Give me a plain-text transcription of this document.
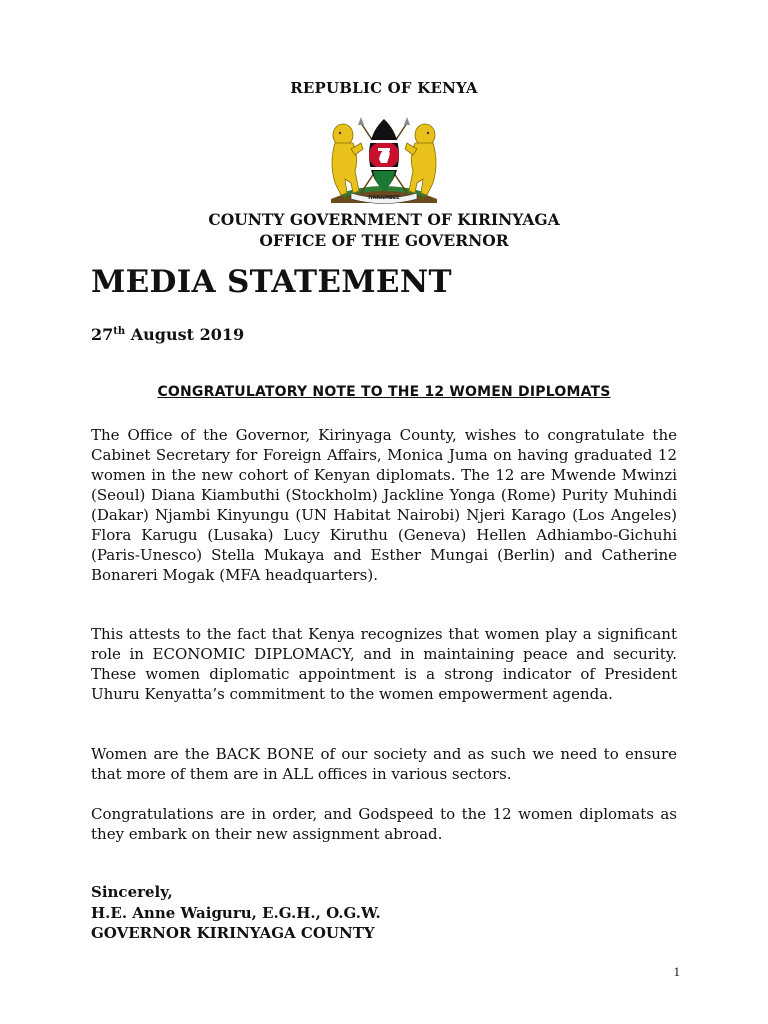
REPUBLIC OF KENYA
HARAMBEE
COUNTY GOVERNMENT OF KIRINYAGA
OFFICE OF THE GOVERNOR
MEDIA STATEMENT
27th August 2019
CONGRATULATORY NOTE TO THE 12 WOMEN DIPLOMATS

The Office of the Governor, Kirinyaga County, wishes to congratulate the Cabinet Secretary for Foreign Affairs, Monica Juma on having graduated 12 women in the new cohort of Kenyan diplomats. The 12 are Mwende Mwinzi (Seoul) Diana Kiambuthi (Stockholm) Jackline Yonga (Rome) Purity Muhindi (Dakar) Njambi Kinyungu (UN Habitat Nairobi) Njeri Karago (Los Angeles) Flora Karugu (Lusaka) Lucy Kiruthu (Geneva) Hellen Adhiambo-Gichuhi (Paris-Unesco) Stella Mukaya and Esther Mungai (Berlin) and Catherine Bonareri Mogak (MFA headquarters).

This attests to the fact that Kenya recognizes that women play a significant role in ECONOMIC DIPLOMACY, and in maintaining peace and security. These women diplomatic appointment is a strong indicator of President Uhuru Kenyatta’s commitment to the women empowerment agenda.

Women are the BACK BONE of our society and as such we need to ensure that more of them are in ALL offices in various sectors.

Congratulations are in order, and Godspeed to the 12 women diplomats as they embark on their new assignment abroad.

Sincerely,
H.E. Anne Waiguru, E.G.H., O.G.W.
GOVERNOR KIRINYAGA COUNTY
1
